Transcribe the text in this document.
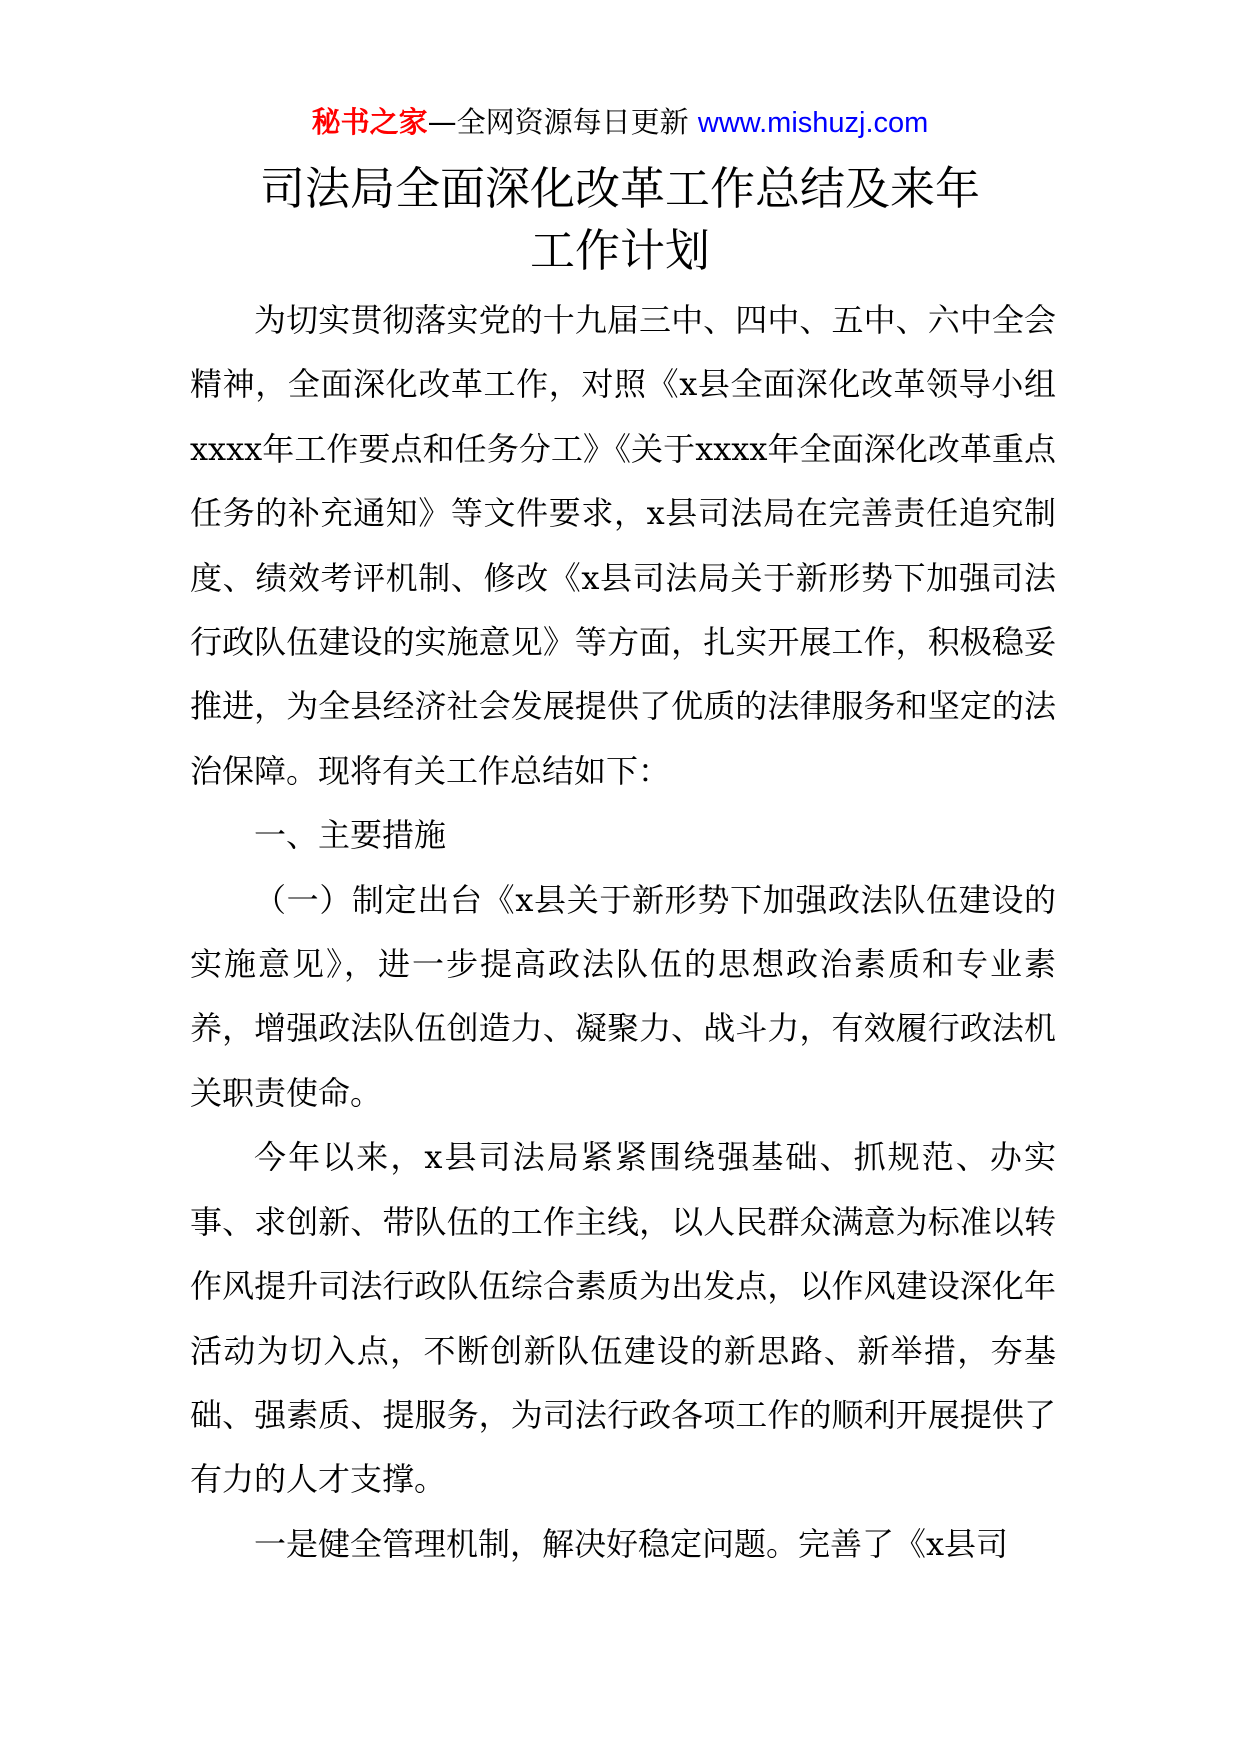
秘书之家—全网资源每日更新 www.mishuzj.com
司法局全面深化改革工作总结及来年
工作计划

为切实贯彻落实党的十九届三中、四中、五中、六中全会精神，全面深化改革工作，对照《x县全面深化改革领导小组xxxx年工作要点和任务分工》《关于xxxx年全面深化改革重点任务的补充通知》等文件要求，x县司法局在完善责任追究制度、绩效考评机制、修改《x县司法局关于新形势下加强司法行政队伍建设的实施意见》等方面，扎实开展工作，积极稳妥推进，为全县经济社会发展提供了优质的法律服务和坚定的法治保障。现将有关工作总结如下：

一、主要措施

（一）制定出台《x县关于新形势下加强政法队伍建设的实施意见》，进一步提高政法队伍的思想政治素质和专业素养，增强政法队伍创造力、凝聚力、战斗力，有效履行政法机关职责使命。

今年以来，x县司法局紧紧围绕强基础、抓规范、办实事、求创新、带队伍的工作主线，以人民群众满意为标准以转作风提升司法行政队伍综合素质为出发点，以作风建设深化年活动为切入点，不断创新队伍建设的新思路、新举措，夯基础、强素质、提服务，为司法行政各项工作的顺利开展提供了有力的人才支撑。

一是健全管理机制，解决好稳定问题。完善了《x县司
